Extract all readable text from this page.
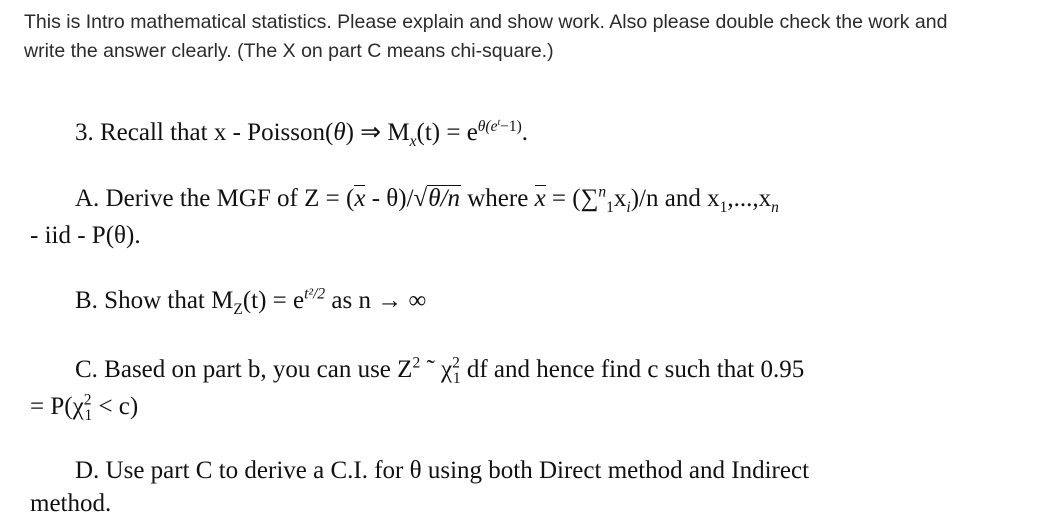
This is Intro mathematical statistics. Please explain and show work. Also please double check the work and
write the answer clearly. (The X on part C means chi-square.)
3. Recall that x - Poisson(θ) ⇒ $M_x(t) = e^{\theta(e^t-1)}$.
A. Derive the MGF of Z = (x - θ)/√θ/n where $x = (\sum^n_1x_i)/n$ and $x_1,...,x_n$
- iid - P(θ).
B. Show that $M_Z(t) = e^{t^2/2}$ as n → ∞
C. Based on part b, you can use $Z^2$ ˜ $\chi^2_1$ df and hence find c such that 0.95
= $P(\chi^2_1 < c)$
D. Use part C to derive a C.I. for θ using both Direct method and Indirect
method.
